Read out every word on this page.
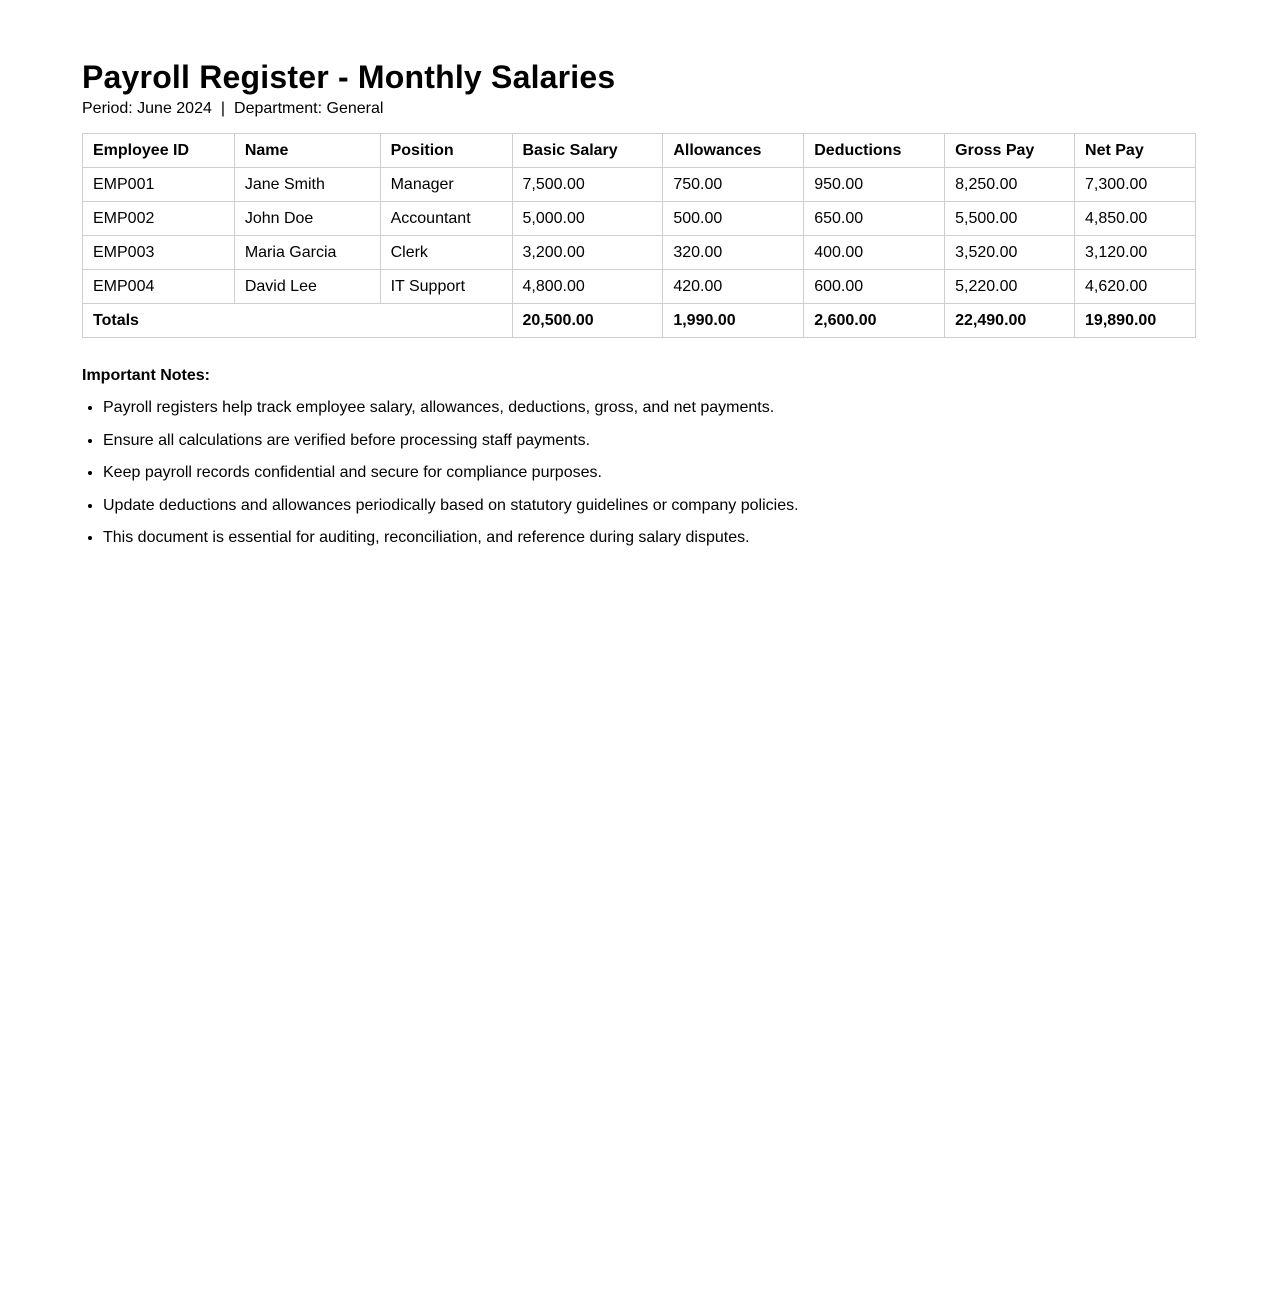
Payroll Register - Monthly Salaries
Period: June 2024 | Department: General
Employee ID	Name	Position	Basic Salary	Allowances	Deductions	Gross Pay	Net Pay
EMP001	Jane Smith	Manager	7,500.00	750.00	950.00	8,250.00	7,300.00
EMP002	John Doe	Accountant	5,000.00	500.00	650.00	5,500.00	4,850.00
EMP003	Maria Garcia	Clerk	3,200.00	320.00	400.00	3,520.00	3,120.00
EMP004	David Lee	IT Support	4,800.00	420.00	600.00	5,220.00	4,620.00
Totals			20,500.00	1,990.00	2,600.00	22,490.00	19,890.00
Important Notes:
• Payroll registers help track employee salary, allowances, deductions, gross, and net payments.
• Ensure all calculations are verified before processing staff payments.
• Keep payroll records confidential and secure for compliance purposes.
• Update deductions and allowances periodically based on statutory guidelines or company policies.
• This document is essential for auditing, reconciliation, and reference during salary disputes.
